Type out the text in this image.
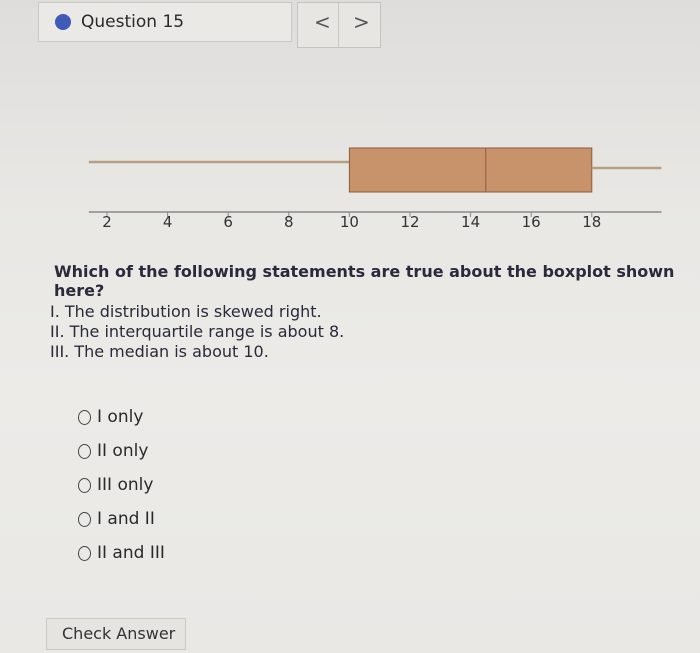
Question 15	< >
2	4	6	8	10	12	14	16	18
Which of the following statements are true about the boxplot shown here?
I. The distribution is skewed right.
II. The interquartile range is about 8.
III. The median is about 10.
I only
II only
III only
I and II
II and III
Check Answer
